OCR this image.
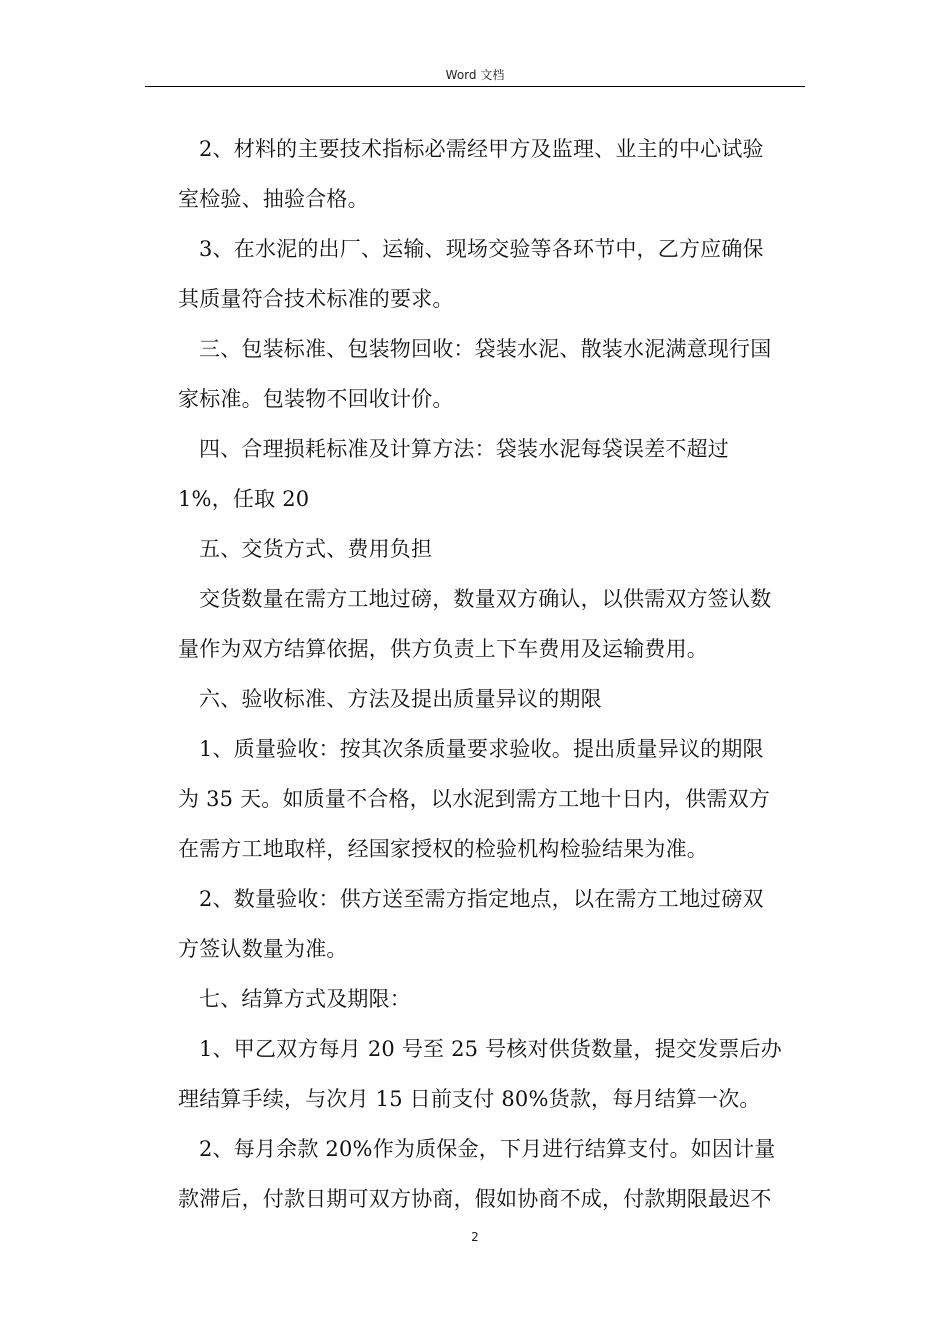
Word 文档
2、材料的主要技术指标必需经甲方及监理、业主的中心试验
室检验、抽验合格。
3、在水泥的出厂、运输、现场交验等各环节中，乙方应确保
其质量符合技术标准的要求。
三、包装标准、包装物回收：袋装水泥、散装水泥满意现行国
家标准。包装物不回收计价。
四、合理损耗标准及计算方法：袋装水泥每袋误差不超过
1%，任取 20
五、交货方式、费用负担
交货数量在需方工地过磅，数量双方确认，以供需双方签认数
量作为双方结算依据，供方负责上下车费用及运输费用。
六、验收标准、方法及提出质量异议的期限
1、质量验收：按其次条质量要求验收。提出质量异议的期限
为 35 天。如质量不合格，以水泥到需方工地十日内，供需双方
在需方工地取样，经国家授权的检验机构检验结果为准。
2、数量验收：供方送至需方指定地点，以在需方工地过磅双
方签认数量为准。
七、结算方式及期限：
1、甲乙双方每月 20 号至 25 号核对供货数量，提交发票后办
理结算手续，与次月 15 日前支付 80%货款，每月结算一次。
2、每月余款 20%作为质保金，下月进行结算支付。如因计量
款滞后，付款日期可双方协商，假如协商不成，付款期限最迟不
2
